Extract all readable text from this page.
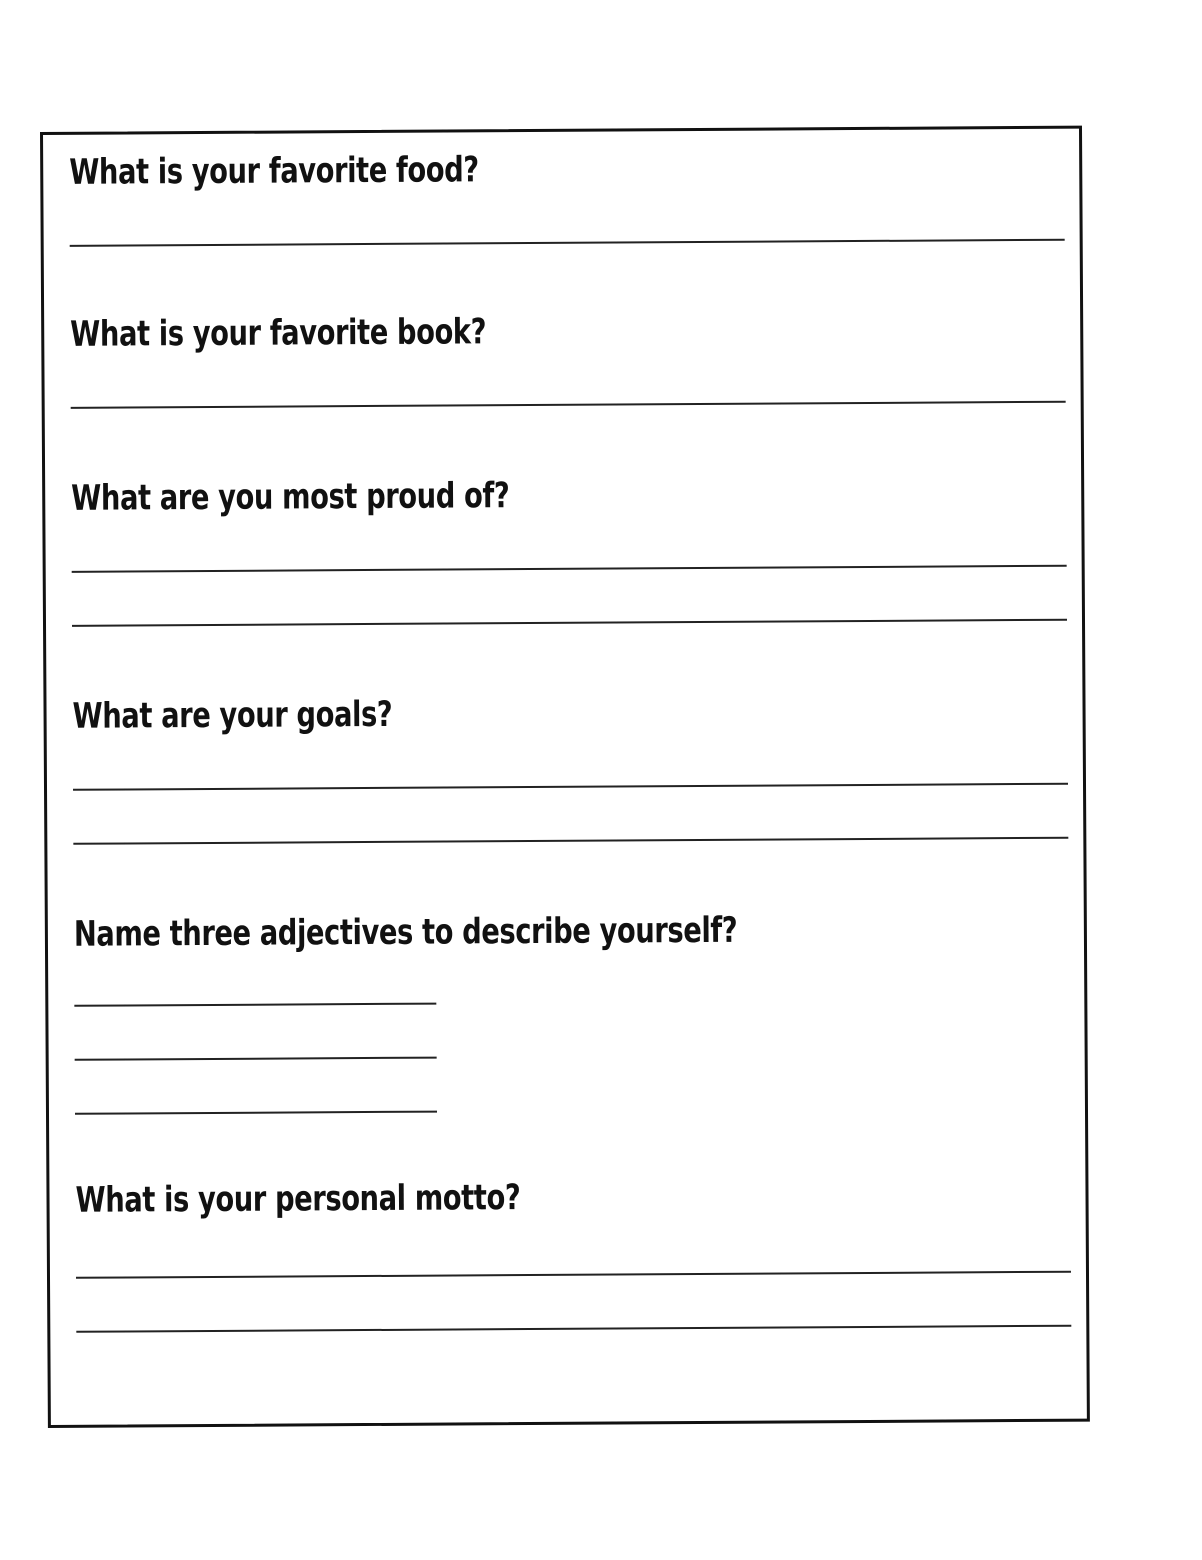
What is your favorite food?
What is your favorite book?
What are you most proud of?
What are your goals?
Name three adjectives to describe yourself?
What is your personal motto?
